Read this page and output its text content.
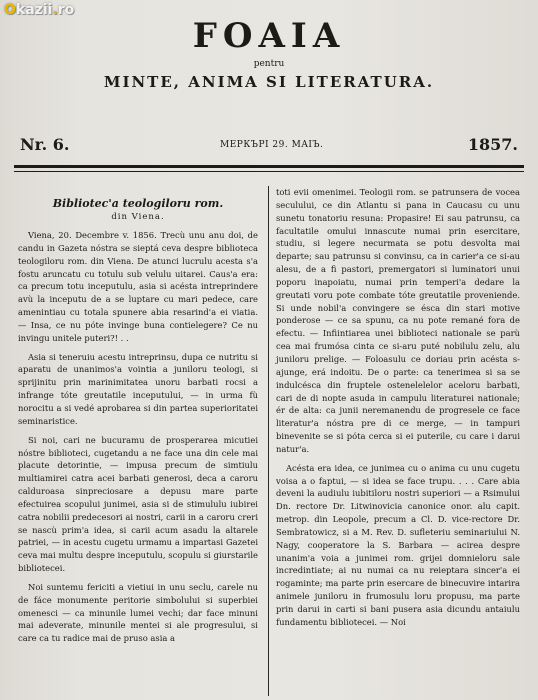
Okazii.ro
FOAIA
pentru
MINTE, ANIMA SI LITERATURA.
Nr. 6.	MЕРКЪРІ 29. MAIЪ.	1857.
Bibliotec'a teologiloru rom.
din Viena.

Viena, 20. Decembre v. 1856. Trecù unu anu doi, de candu in Gazeta nóstra se sieptá ceva despre biblioteca teologiloru rom. din Viena. De atunci lucrulu acesta s'a fostu aruncatu cu totulu sub velulu uitarei. Caus'a era: ca precum totu inceputulu, asia si acésta intreprindere avù la inceputu de a se luptare cu mari pedece, care amenintiau cu totala spunere abia resarind'a ei viatia. — Insa, ce nu póte invinge buna contielegere? Ce nu invingu unitele puteri?! . .

Asia si teneruiu acestu intreprinsu, dupa ce nutritu si aparatu de unanimos'a vointia a juniloru teologi, si sprijinitu prin marinimitatea unoru barbati rocsi a infrange tóte greutatile inceputului, — in urma fù norocitu a si vedé aprobarea si din partea superioritatei seminaristice.

Si noi, cari ne bucuramu de prosperarea micutiei nóstre biblioteci, cugetandu a ne face una din cele mai placute detorintie, — impusa precum de simtiulu multiamirei catra acei barbati generosi, deca a caroru calduroasa sinpreciosare a depusu mare parte efectuirea scopului junimei, asia si de stimululu iubirei catra nobilii predecesori ai nostri, carii in a caroru creri se nascù prim'a idea, si carii acum asadu la altarele patriei, — in acestu cugetu urmamu a impartasi Gazetei ceva mai multu despre inceputulu, scopulu si giurstarile bibliotecei.

Noi suntemu fericiti a vietiui in unu seclu, carele nu de fáce monumente peritorie simbolului si superbiei omenesci — ca minunile lumei vechi; dar face minuni mai adeverate, minunile mentei si ale progresului, si care ca tu radice mai de pruso asia a

toti evii omenimei. Teologii rom. se patrunsera de vocea seculului, ce din Atlantu si pana in Caucasu cu unu sunetu tonatoriu resuna: Propasire! Ei sau patrunsu, ca facultatile omului innascute numai prin esercitare, studiu, si legere necurmata se potu desvolta mai departe; sau patrunsu si convinsu, ca in carier'a ce si-au alesu, de a fi pastori, premergatori si luminatori unui poporu inapoiatu, numai prin temperi'a dedare la greutati voru pote combate tóte greutatile proveniende. Si unde nobil'a convingere se ésca din stari motive ponderose — ce sa spunu, ca nu pote remané fora de efectu. — Infiintiarea unei biblioteci nationale se parù cea mai frumósa cinta ce si-aru puté nobilulu zelu, alu juniloru prelige. — Foloasulu ce doriau prin acésta s-ajunge, erá indoitu. De o parte: ca tenerimea si sa se indulcésca din fruptele ostenelelelor aceloru barbati, cari de di nopte asuda in campulu literaturei nationale; ér de alta: ca junii neremanendu de progresele ce face literatur'a nóstra pre di ce merge, — in tampuri binevenite se si póta cerca si ei puterile, cu care i darui natur'a.

Acésta era idea, ce junimea cu o anima cu unu cugetu voisa a o faptui, — si idea se face trupu. . . . Care abia deveni la audiulu iubitiloru nostri superiori — a Rsimului Dn. rectore Dr. Litwinovicia canonice onor. alu capit. metrop. din Leopole, precum a Cl. D. vice-rectore Dr. Sembratowicz, si a M. Rev. D. sufleteriu seminariului N. Nagy, cooperatore la S. Barbara — acirea despre unanim'a voia a junimei rom. grijei domnieloru sale incredintiate; ai nu numai ca nu reieptara sincer'a ei rogaminte; ma parte prin esercare de binecuvire intarira animele juniloru in frumosulu loru propusu, ma parte prin darui in carti si bani pusera asia dicundu antaiulu fundamentu bibliotecei. — Noi
